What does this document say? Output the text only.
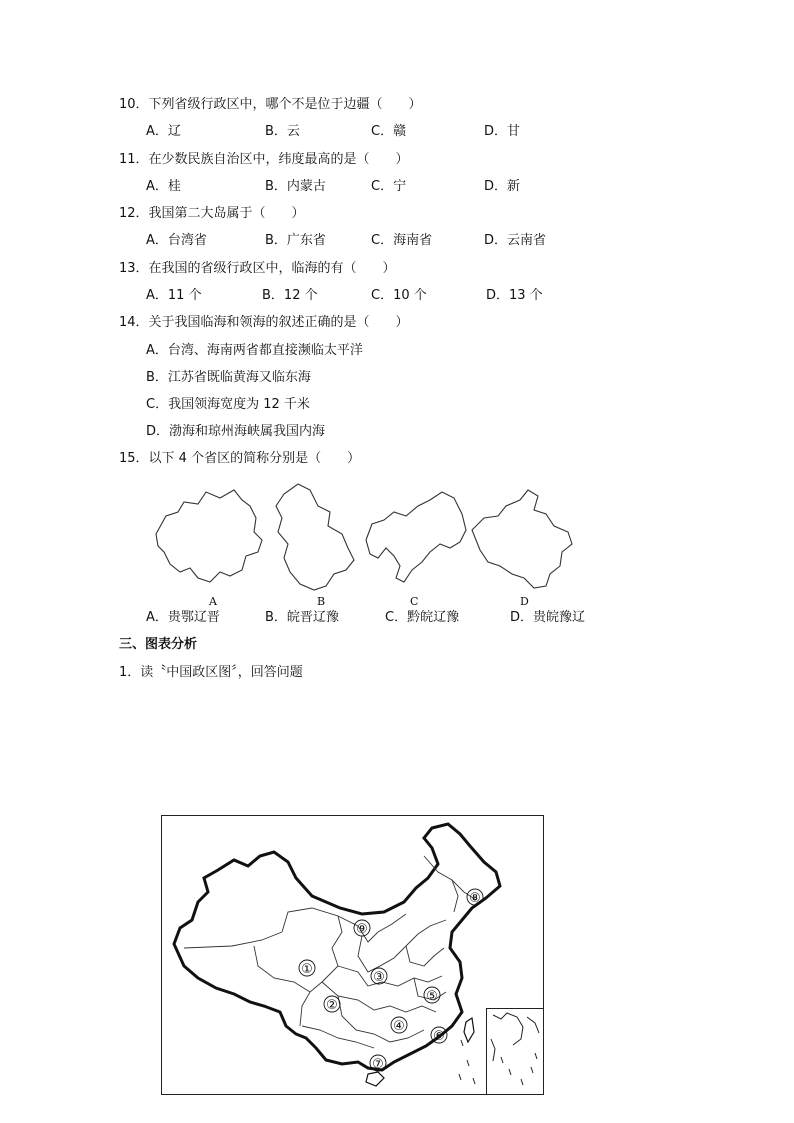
10．下列省级行政区中，哪个不是位于边疆（　　）
A．辽	B．云	C．赣	D．甘
11．在少数民族自治区中，纬度最高的是（　　）
A．桂	B．内蒙古	C．宁	D．新
12．我国第二大岛属于（　　）
A．台湾省	B．广东省	C．海南省	D．云南省
13．在我国的省级行政区中，临海的有（　　）
A．11 个	B．12 个	C．10 个	D．13 个
14．关于我国临海和领海的叙述正确的是（　　）
A．台湾、海南两省都直接濒临太平洋
B．江苏省既临黄海又临东海
C．我国领海宽度为 12 千米
D．渤海和琼州海峡属我国内海
15．以下 4 个省区的简称分别是（　　）
A	B	C	D
A．贵鄂辽晋	B．皖晋辽豫	C．黔皖辽豫	D．贵皖豫辽
三、图表分析
1．读〝中国政区图〞，回答问题
①
②
③
④
⑤
⑥
⑦
⑧
⑨
